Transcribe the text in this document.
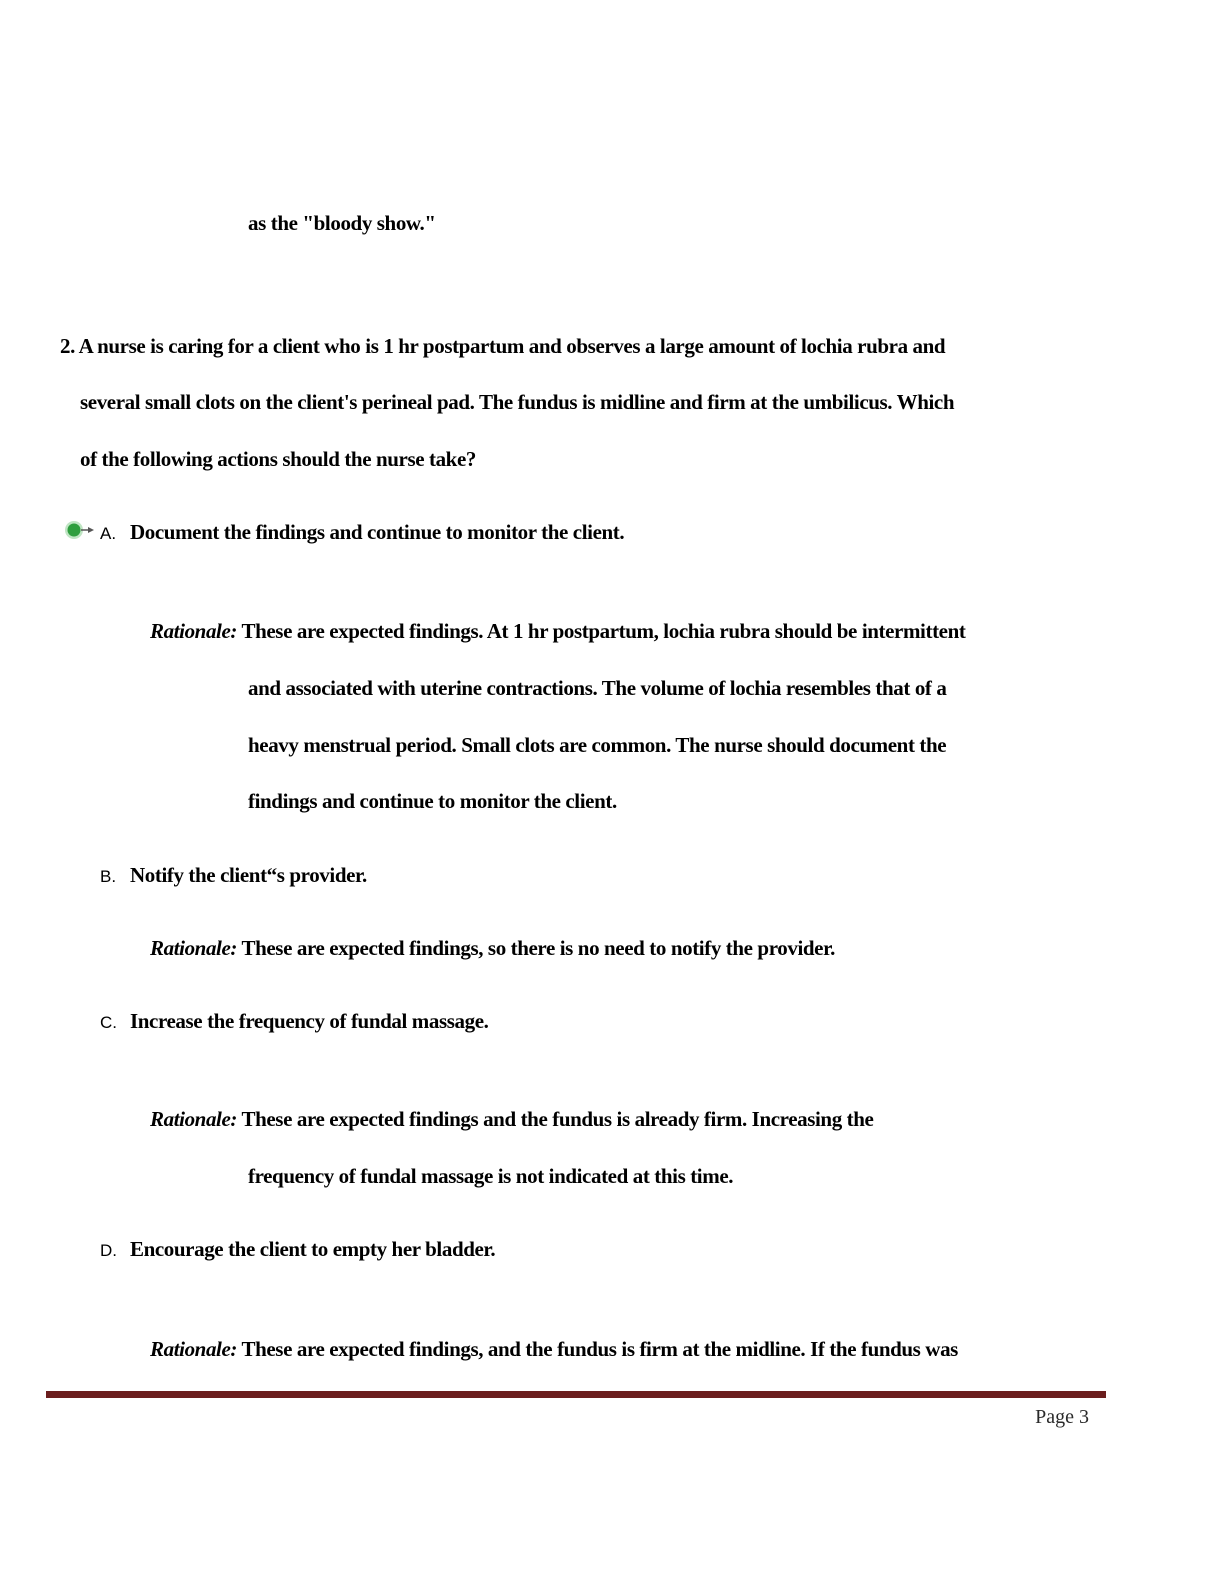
as the "bloody show."
2. A nurse is caring for a client who is 1 hr postpartum and observes a large amount of lochia rubra and
several small clots on the client's perineal pad. The fundus is midline and firm at the umbilicus. Which
of the following actions should the nurse take?
A. Document the findings and continue to monitor the client.
Rationale: These are expected findings. At 1 hr postpartum, lochia rubra should be intermittent
and associated with uterine contractions. The volume of lochia resembles that of a
heavy menstrual period. Small clots are common. The nurse should document the
findings and continue to monitor the client.
B. Notify the client“s provider.
Rationale: These are expected findings, so there is no need to notify the provider.
C. Increase the frequency of fundal massage.
Rationale: These are expected findings and the fundus is already firm. Increasing the
frequency of fundal massage is not indicated at this time.
D. Encourage the client to empty her bladder.
Rationale: These are expected findings, and the fundus is firm at the midline. If the fundus was
Page 3
